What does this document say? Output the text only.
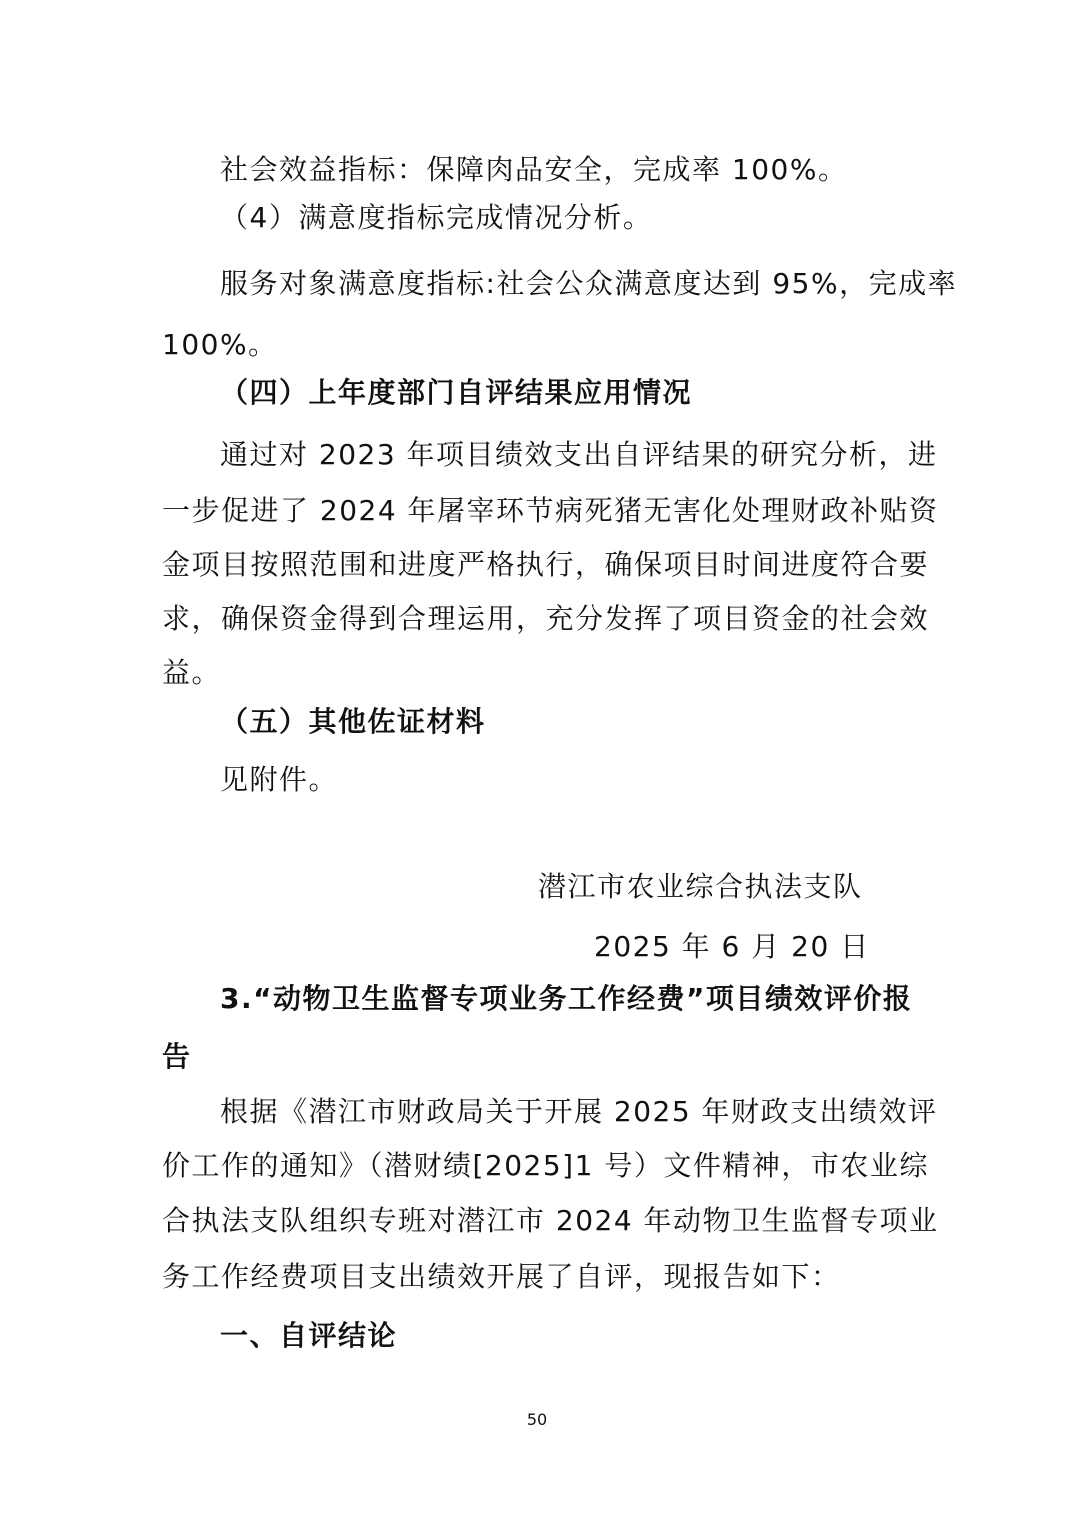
社会效益指标：保障肉品安全，完成率 100%。
（4）满意度指标完成情况分析。
服务对象满意度指标:社会公众满意度达到 95%，完成率
100%。
（四）上年度部门自评结果应用情况
通过对 2023 年项目绩效支出自评结果的研究分析，进
一步促进了 2024 年屠宰环节病死猪无害化处理财政补贴资
金项目按照范围和进度严格执行，确保项目时间进度符合要
求，确保资金得到合理运用，充分发挥了项目资金的社会效
益。
（五）其他佐证材料
见附件。
潜江市农业综合执法支队
2025 年 6 月 20 日
3.“动物卫生监督专项业务工作经费”项目绩效评价报
告
根据《潜江市财政局关于开展 2025 年财政支出绩效评
价工作的通知》（潜财绩[2025]1 号）文件精神，市农业综
合执法支队组织专班对潜江市 2024 年动物卫生监督专项业
务工作经费项目支出绩效开展了自评，现报告如下：
一、自评结论
50
